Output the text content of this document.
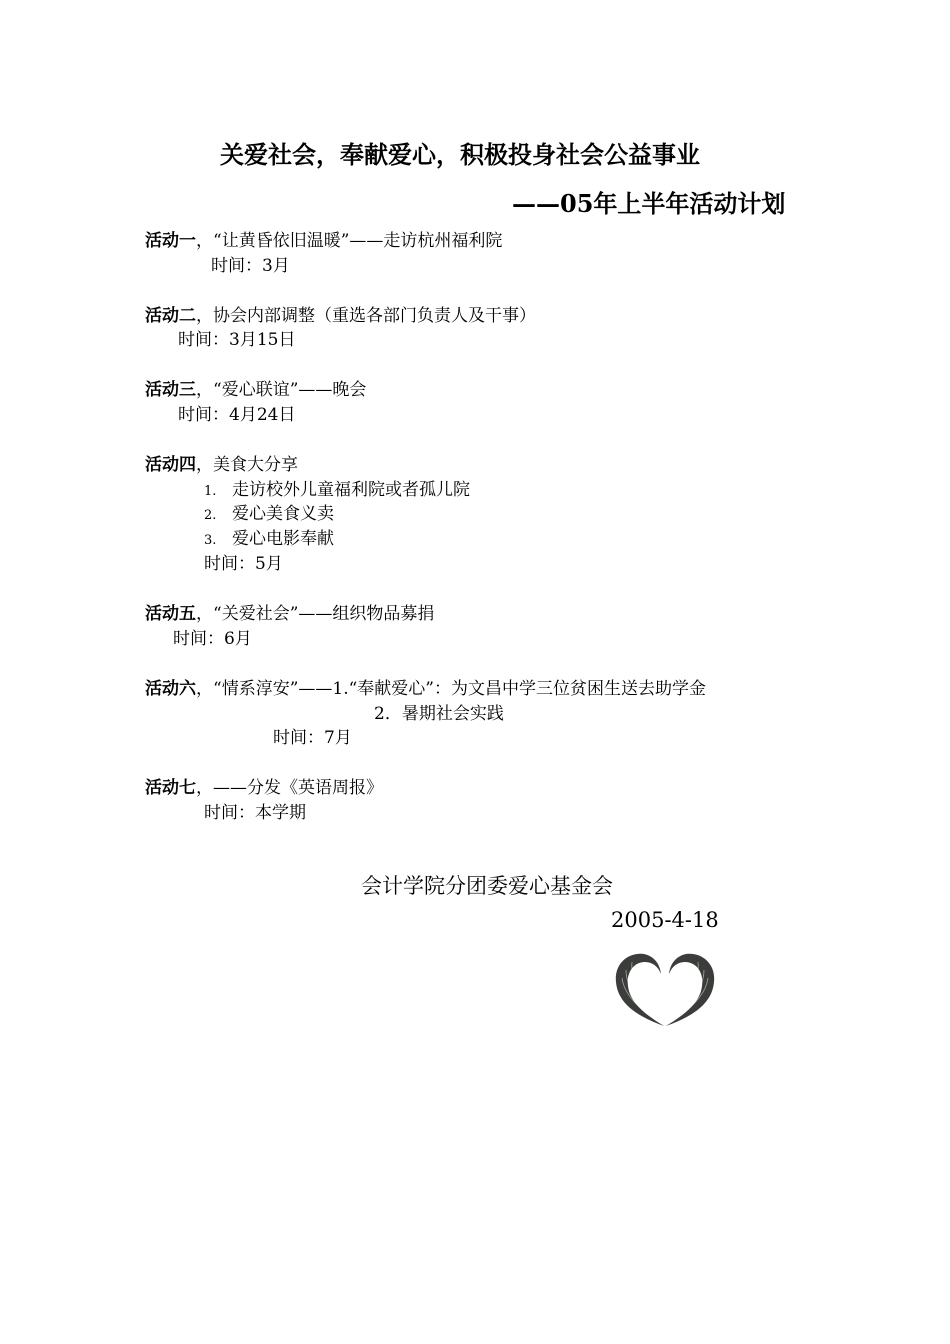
关爱社会，奉献爱心，积极投身社会公益事业
——05年上半年活动计划
活动一，“让黄昏依旧温暖”——走访杭州福利院
时间：3月
活动二，协会内部调整（重选各部门负责人及干事）
时间：3月15日
活动三，“爱心联谊”——晚会
时间：4月24日
活动四，美食大分享
1. 走访校外儿童福利院或者孤儿院
2. 爱心美食义卖
3. 爱心电影奉献
时间：5月
活动五，“关爱社会”——组织物品募捐
时间：6月
活动六，“情系淳安”——1.“奉献爱心”：为文昌中学三位贫困生送去助学金
2．暑期社会实践
时间：7月
活动七，——分发《英语周报》
时间：本学期
会计学院分团委爱心基金会
2005-4-18
